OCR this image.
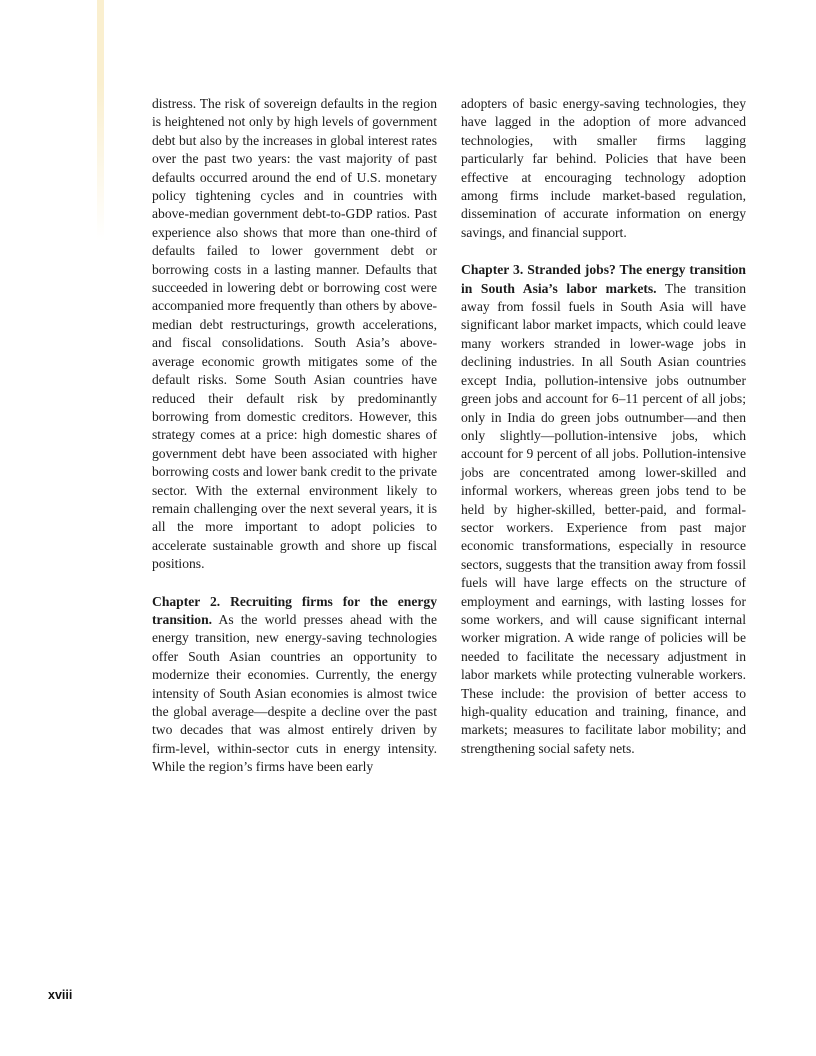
distress. The risk of sovereign defaults in the region is heightened not only by high levels of government debt but also by the increases in global interest rates over the past two years: the vast majority of past defaults occurred around the end of U.S. monetary policy tightening cycles and in countries with above-median government debt-to-GDP ratios. Past experience also shows that more than one-third of defaults failed to lower government debt or borrowing costs in a lasting manner. Defaults that succeeded in lowering debt or borrowing cost were accompanied more frequently than others by above-median debt restructurings, growth accelerations, and fiscal consolidations. South Asia’s above-average economic growth mitigates some of the default risks. Some South Asian countries have reduced their default risk by predominantly borrowing from domestic creditors. However, this strategy comes at a price: high domestic shares of government debt have been associated with higher borrowing costs and lower bank credit to the private sector. With the external environment likely to remain challenging over the next several years, it is all the more important to adopt policies to accelerate sustainable growth and shore up fiscal positions.

Chapter 2. Recruiting firms for the energy transition. As the world presses ahead with the energy transition, new energy-saving technologies offer South Asian countries an opportunity to modernize their economies. Currently, the energy intensity of South Asian economies is almost twice the global average—despite a decline over the past two decades that was almost entirely driven by firm-level, within-sector cuts in energy intensity. While the region’s firms have been early

adopters of basic energy-saving technologies, they have lagged in the adoption of more advanced technologies, with smaller firms lagging particularly far behind. Policies that have been effective at encouraging technology adoption among firms include market-based regulation, dissemination of accurate information on energy savings, and financial support.

Chapter 3. Stranded jobs? The energy transition in South Asia’s labor markets. The transition away from fossil fuels in South Asia will have significant labor market impacts, which could leave many workers stranded in lower-wage jobs in declining industries. In all South Asian countries except India, pollution-intensive jobs outnumber green jobs and account for 6–11 percent of all jobs; only in India do green jobs outnumber—and then only slightly—pollution-intensive jobs, which account for 9 percent of all jobs. Pollution-intensive jobs are concentrated among lower-skilled and informal workers, whereas green jobs tend to be held by higher-skilled, better-paid, and formal-sector workers. Experience from past major economic transformations, especially in resource sectors, suggests that the transition away from fossil fuels will have large effects on the structure of employment and earnings, with lasting losses for some workers, and will cause significant internal worker migration. A wide range of policies will be needed to facilitate the necessary adjustment in labor markets while protecting vulnerable workers. These include: the provision of better access to high-quality education and training, finance, and markets; measures to facilitate labor mobility; and strengthening social safety nets.

xviii
